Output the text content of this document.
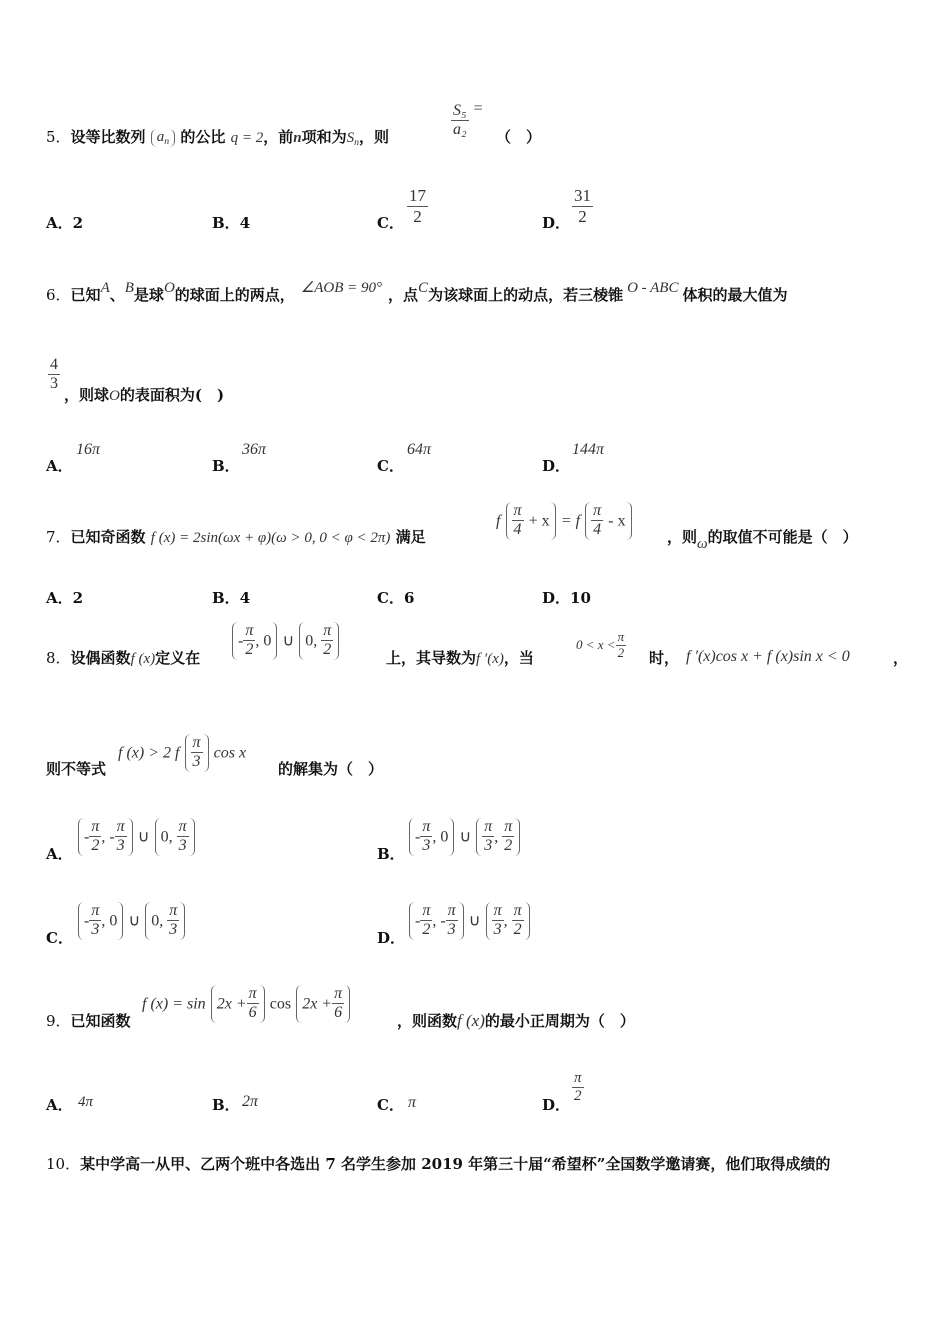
5．设等比数列 $a_n$ 的公比 q = 2，前n项和为$S_n$，则	$\frac{\text{S₅}}{\text{a₂}}$ =
（　）
A．2	B．4	C． $\frac{17}{2}$	D． $\frac{31}{2}$
6．已知A、B是球O的球面上的两点， ∠AOB = 90° ，点C为该球面上的动点，若三棱锥 O - ABC 体积的最大值为
$\frac{4}{3}$
，则球O的表面积为(　)
A．
16π
B．
36π
C．
64π
D．
144π
7．已知奇函数 f (x) = 2sin(ωx + φ)(ω > 0, 0 < φ < 2π) 满足
f $\frac{\pi}{4} + x = f \frac{\pi}{4} - x$
，则ω的取值不可能是（　）
A．2	B．4	C．6	D．10
8．设偶函数f (x)定义在
- $\frac{\pi}{2}$ , 0 ∪ 0, $\frac{\pi}{2}$	上，其导数为f ′(x)，当
$0 < x < \frac{\pi}{2}$ 时， f ′(x)cos x + f (x)sin x < 0	，
则不等式
f (x) > 2 f $\frac{\pi}{3}$ cos x
的解集为（　）
A．
- $\frac{\pi}{2}$ , - $\frac{\pi}{3}$ ∪ 0, $\frac{\pi}{3}$	B．
- $\frac{\pi}{3}$ , 0 ∪ $\frac{\pi}{3}$ , $\frac{\pi}{2}$
C．
- $\frac{\pi}{3}$ , 0 ∪ 0, $\frac{\pi}{3}$	D．
- $\frac{\pi}{2}$ , - $\frac{\pi}{3}$ ∪ $\frac{\pi}{3}$ , $\frac{\pi}{2}$
9．已知函数
f $(x) = \sin 2x + \frac{\pi}{6}$ $\cos 2x + \frac{\pi}{6}$	，则函数f (x)的最小正周期为（　）
A． 4π	B． 2π	C． π	D． $\frac{\pi}{2}$
10．某中学高一从甲、乙两个班中各选出 7 名学生参加 2019 年第三十届“希望杯”全国数学邀请赛，他们取得成绩的
